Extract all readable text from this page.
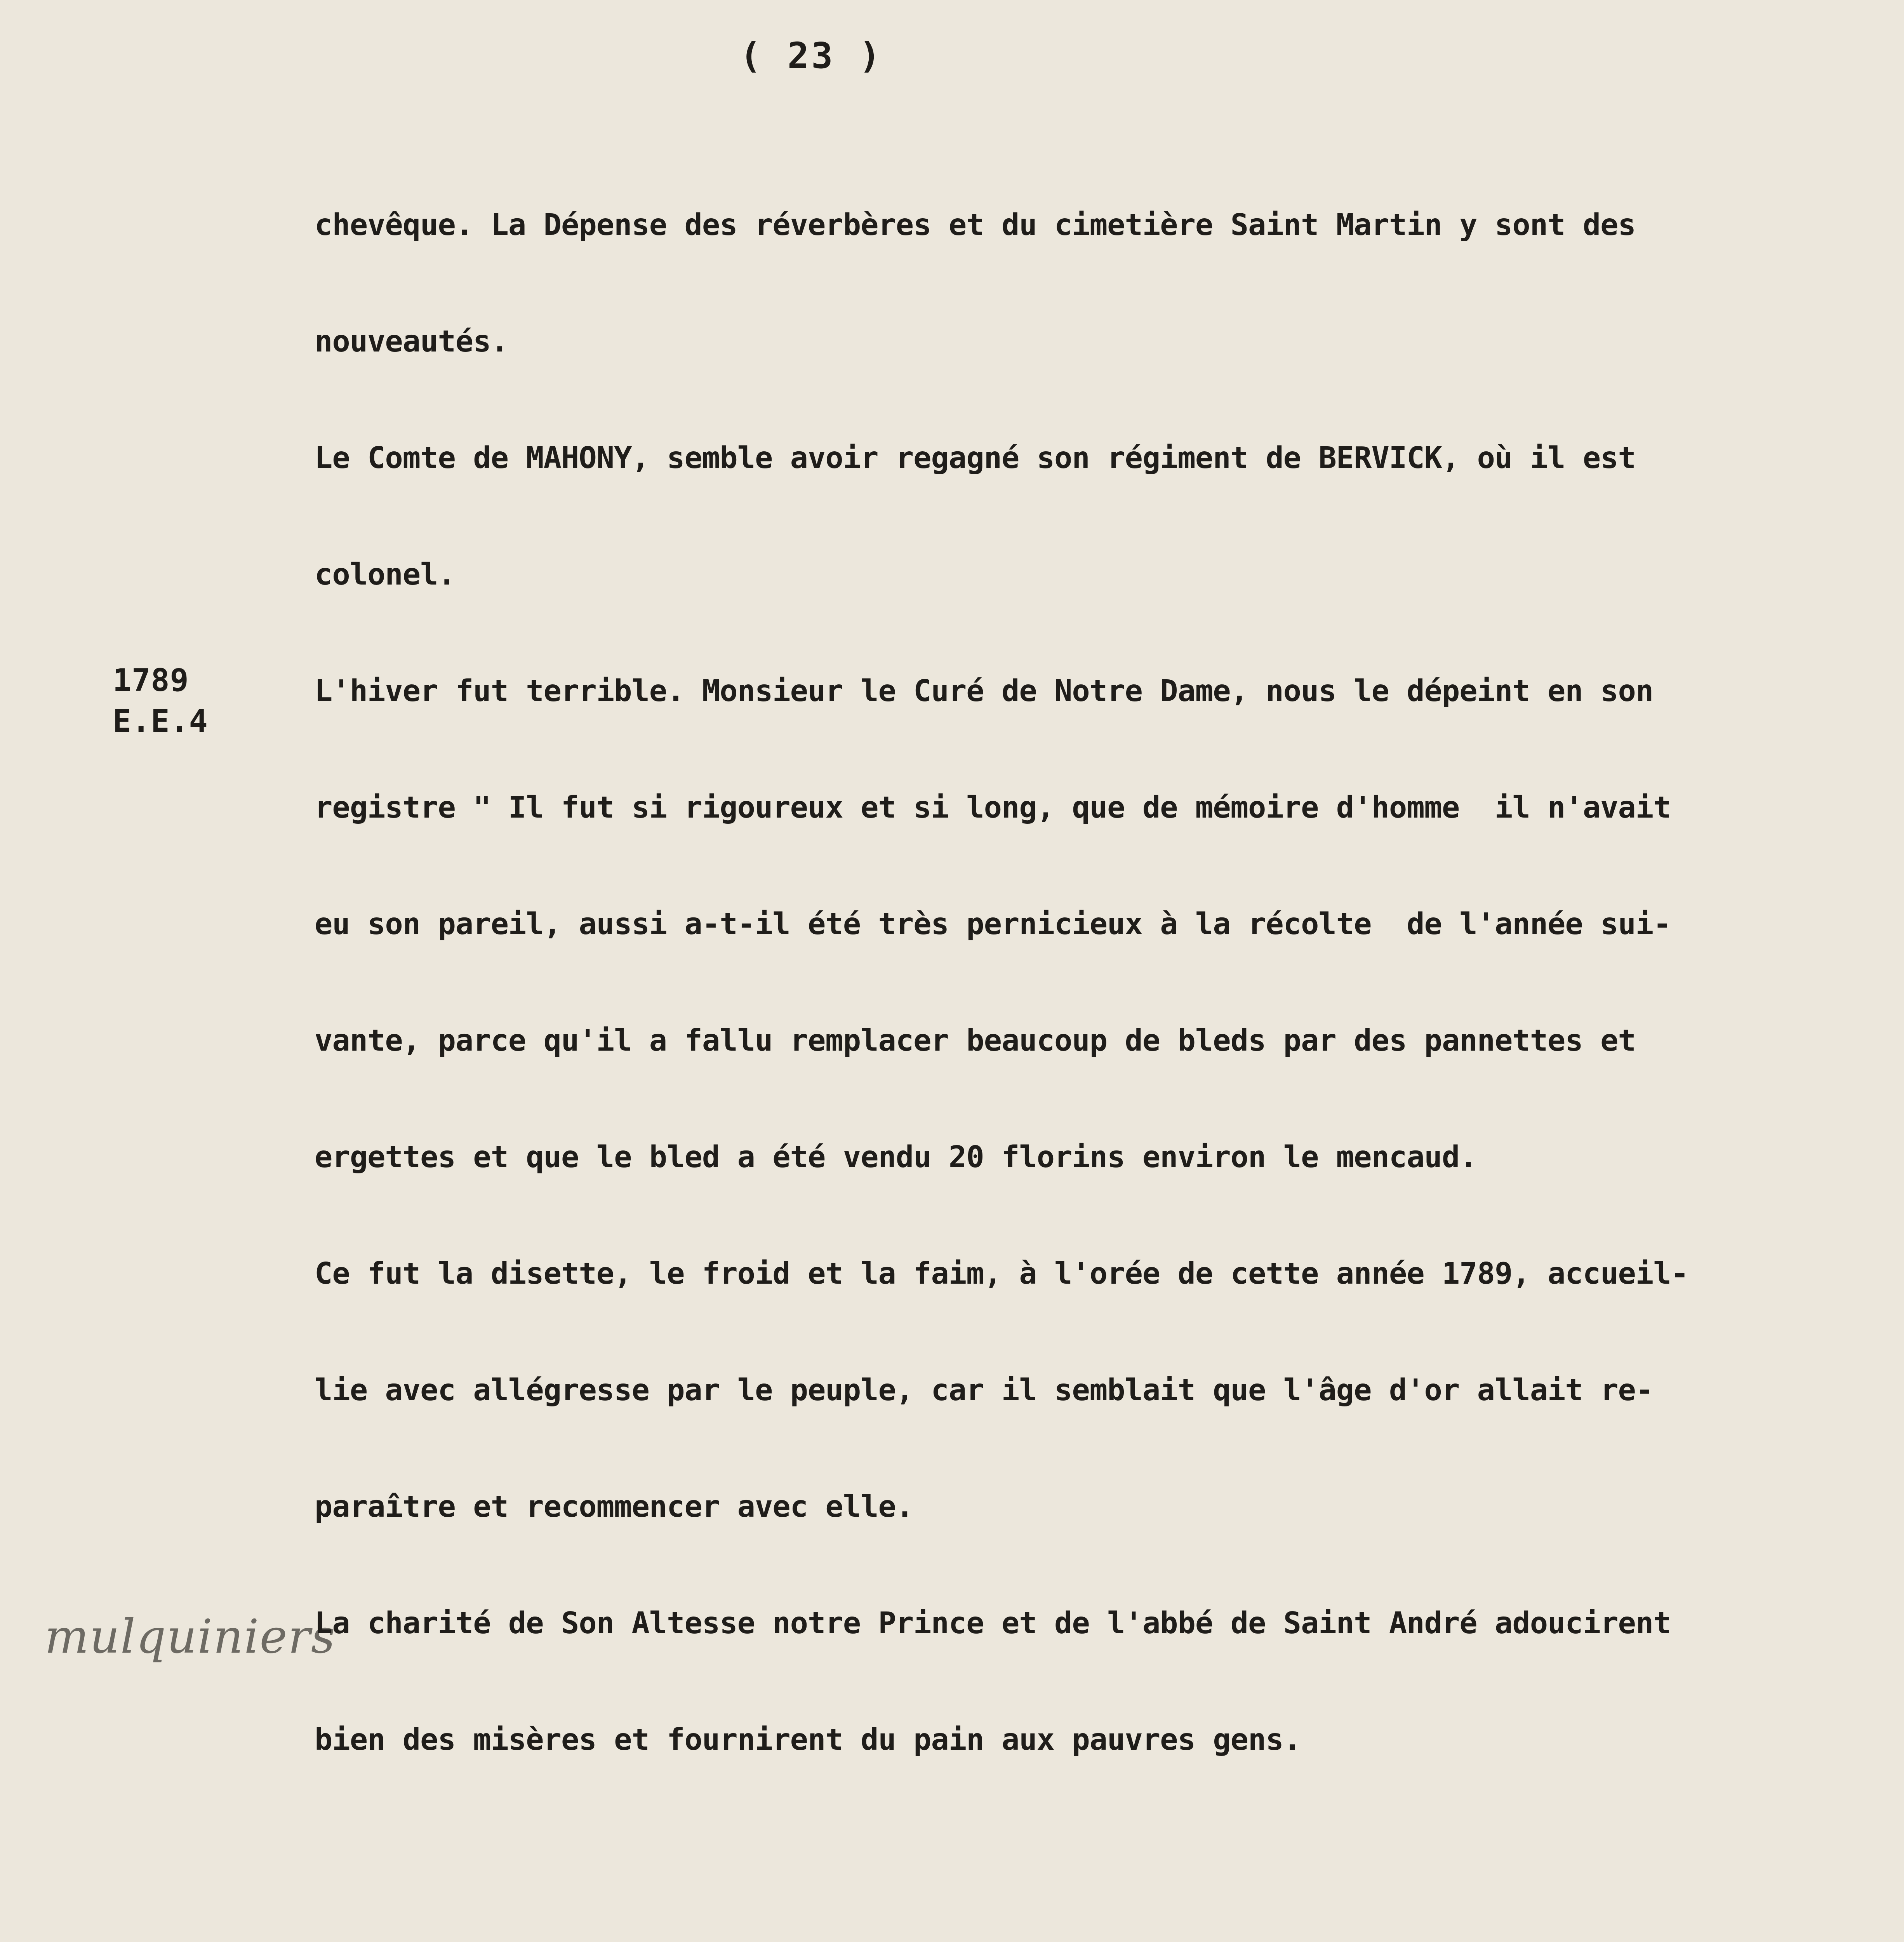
( 23 )
1789
E.E.4
mulquiniers

chevêque. La Dépense des réverbères et du cimetière Saint Martin y sont des

nouveautés.

Le Comte de MAHONY, semble avoir regagné son régiment de BERVICK, où il est

colonel.

L'hiver fut terrible. Monsieur le Curé de Notre Dame, nous le dépeint en son

registre " Il fut si rigoureux et si long, que de mémoire d'homme  il n'avait

eu son pareil, aussi a-t-il été très pernicieux à la récolte  de l'année sui-

vante, parce qu'il a fallu remplacer beaucoup de bleds par des pannettes et

ergettes et que le bled a été vendu 20 florins environ le mencaud.

Ce fut la disette, le froid et la faim, à l'orée de cette année 1789, accueil-

lie avec allégresse par le peuple, car il semblait que l'âge d'or allait re-

paraître et recommencer avec elle.

La charité de Son Altesse notre Prince et de l'abbé de Saint André adoucirent

bien des misères et fournirent du pain aux pauvres gens.
